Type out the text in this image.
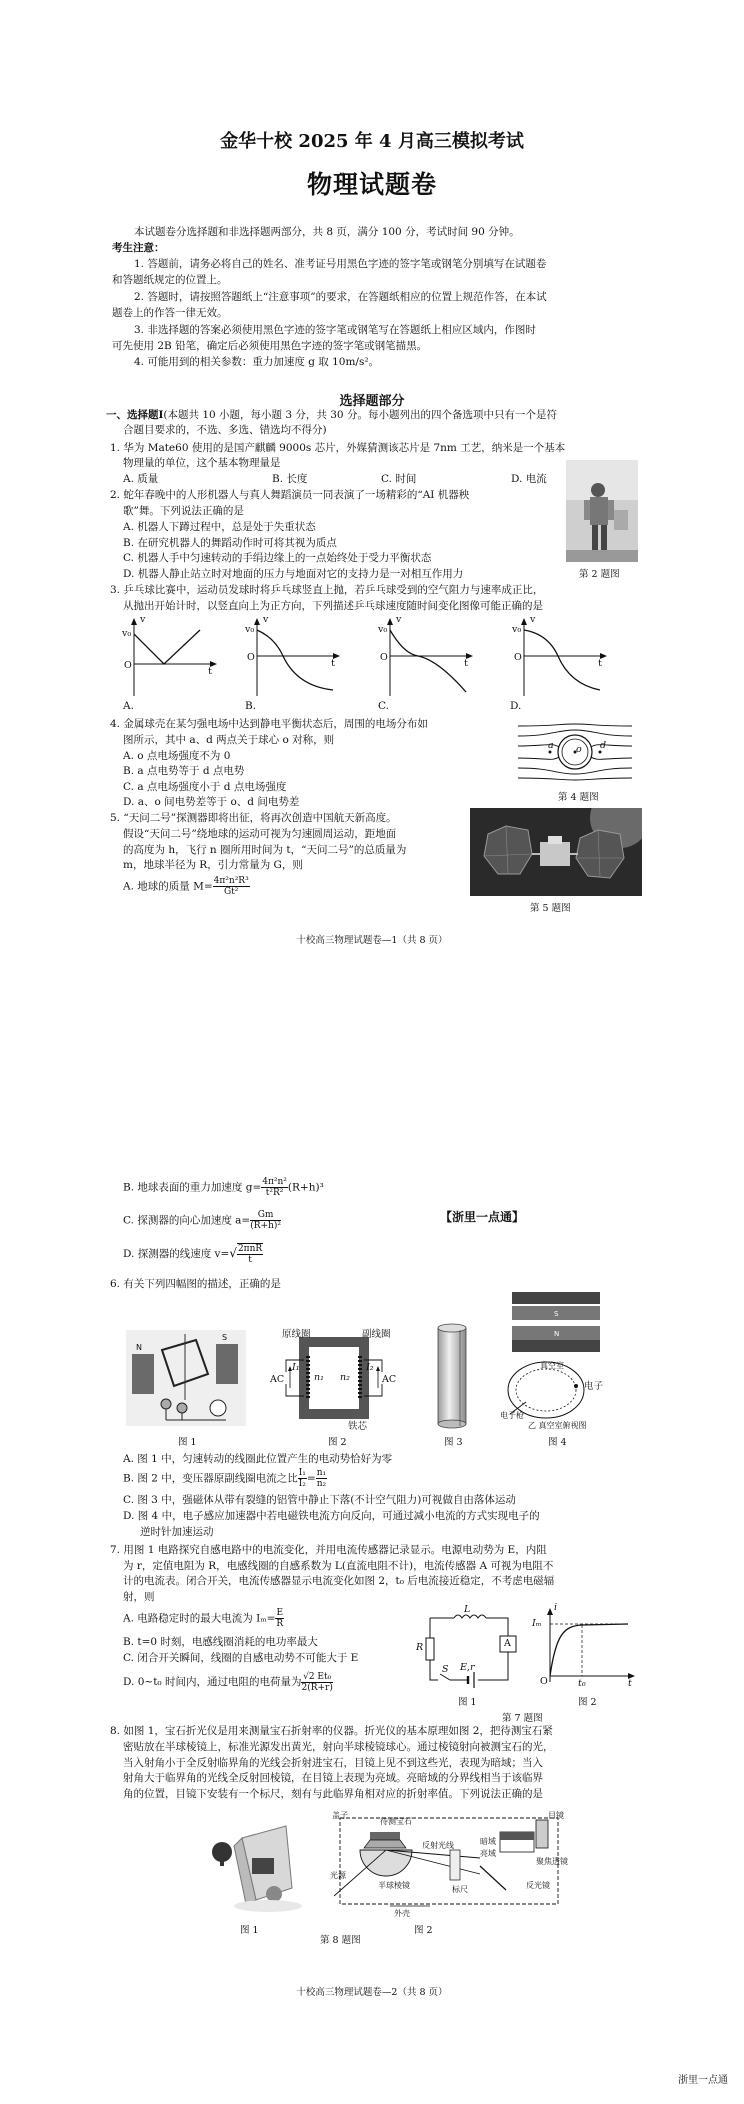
金华十校 2025 年 4 月高三模拟考试
物理试题卷
本试题卷分选择题和非选择题两部分，共 8 页，满分 100 分，考试时间 90 分钟。
考生注意：
1. 答题前，请务必将自己的姓名、准考证号用黑色字迹的签字笔或钢笔分别填写在试题卷
和答题纸规定的位置上。
2. 答题时，请按照答题纸上“注意事项”的要求，在答题纸相应的位置上规范作答，在本试
题卷上的作答一律无效。
3. 非选择题的答案必须使用黑色字迹的签字笔或钢笔写在答题纸上相应区域内，作图时
可先使用 2B 铅笔，确定后必须使用黑色字迹的签字笔或钢笔描黑。
4. 可能用到的相关参数：重力加速度 g 取 10m/s²。
选择题部分
一、选择题Ⅰ(本题共 10 小题，每小题 3 分，共 30 分。每小题列出的四个备选项中只有一个是符
合题目要求的，不选、多选、错选均不得分)
1. 华为 Mate60 使用的是国产麒麟 9000s 芯片，外媒猜测该芯片是 7nm 工艺，纳米是一个基本
物理量的单位，这个基本物理量是
A. 质量	B. 长度	C. 时间	D. 电流
第 2 题图
2. 蛇年春晚中的人形机器人与真人舞蹈演员一同表演了一场精彩的“AI 机器秧
歌”舞。下列说法正确的是
A. 机器人下蹲过程中，总是处于失重状态
B. 在研究机器人的舞蹈动作时可将其视为质点
C. 机器人手中匀速转动的手绢边缘上的一点始终处于受力平衡状态
D. 机器人静止站立时对地面的压力与地面对它的支持力是一对相互作用力
3. 乒乓球比赛中，运动员发球时将乒乓球竖直上抛，若乒乓球受到的空气阻力与速率成正比，
从抛出开始计时，以竖直向上为正方向，下列描述乒乓球速度随时间变化图像可能正确的是
v
v₀
O
t
v
v₀
O
t
v
v₀
O
t
v
v₀
O
t
A.	B.	C.	D.
4. 金属球壳在某匀强电场中达到静电平衡状态后，周围的电场分布如
图所示，其中 a、d 两点关于球心 o 对称，则
A. o 点电场强度不为 0
B. a 点电势等于 d 点电势
C. a 点电场强度小于 d 点电场强度
D. a、o 间电势差等于 o、d 间电势差
a o d
第 4 题图
5. “天问二号”探测器即将出征，将再次创造中国航天新高度。
假设“天问二号”绕地球的运动可视为匀速圆周运动，距地面
的高度为 h，飞行 n 圈所用时间为 t，“天问二号”的总质量为
m，地球半径为 R，引力常量为 G，则
A. 地球的质量 $M= \frac{\text{4π²n²R³}}{\text{Gt²}}$
第 5 题图
十校高三物理试题卷—1（共 8 页）
B. 地球表面的重力加速度 $g= \frac{\text{4π²n²}}{\text{t²R²}} (R+h)^3$
C. 探测器的向心加速度 $a= \frac{Gm}{\text{(R+h)²}}$
D. 探测器的线速度 $v=√ \frac{\text{2πnR}}{t}$
【浙里一点通】
6. 有关下列四幅图的描述，正确的是
N
S
图 1
原线圈	副线圈
AC	AC
铁芯
n₁ n₂
I₁	I₂
图 2	图 3
S
N
电子
电子枪
真空室
乙 真空室俯视图
图 4
A. 图 1 中，匀速转动的线圈此位置产生的电动势恰好为零
B. 图 2 中，变压器原副线圈电流之比 $\frac{\text{I₁}}{\text{I₂}} = \frac{\text{n₁}}{\text{n₂}}$
C. 图 3 中，强磁体从带有裂缝的铝管中静止下落(不计空气阻力)可视做自由落体运动
D. 图 4 中，电子感应加速器中若电磁铁电流方向反向，可通过减小电流的方式实现电子的
逆时针加速运动
7. 用图 1 电路探究自感电路中的电流变化，并用电流传感器记录显示。电源电动势为 E，内阻
为 r，定值电阻为 R，电感线圈的自感系数为 L(直流电阻不计)，电流传感器 A 可视为电阻不
计的电流表。闭合开关，电流传感器显示电流变化如图 2，t₀ 后电流接近稳定，不考虑电磁辐
射，则
A. 电路稳定时的最大电流为 $I_m= \frac{E}{R}$
B. t=0 时刻，电感线圈消耗的电功率最大
C. 闭合开关瞬间，线圈的自感电动势不可能大于 E
D. 0~t₀ 时间内，通过电阻的电荷量为 $\frac{\text{√2 Et₀}}{2(R+r)}$
L
R	A
E,r
S
图 1
i
Iₘ
O	t₀	t
图 2
第 7 题图
8. 如图 1，宝石折光仪是用来测量宝石折射率的仪器。折光仪的基本原理如图 2，把待测宝石紧
密贴放在半球棱镜上，标准光源发出黄光，射向半球棱镜球心。通过棱镜射向被测宝石的光，
当入射角小于全反射临界角的光线会折射进宝石，目镜上见不到这些光，表现为暗域；当入
射角大于临界角的光线全反射回棱镜，在目镜上表现为亮域。亮暗域的分界线相当于该临界
角的位置，目镜下安装有一个标尺，刻有与此临界角相对应的折射率值。下列说法正确的是
图 1
盖子
待测宝石
反射光线	暗域
亮域
目镜
聚焦透镜
光源
半球棱镜	反光镜
标尺
外壳
图 2
第 8 题图
十校高三物理试题卷—2（共 8 页）
浙里一点通
